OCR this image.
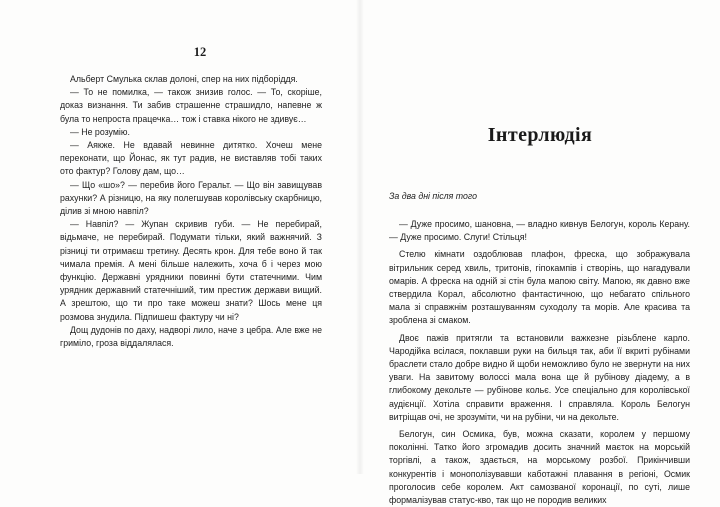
12

Альберт Смулька склав долоні, спер на них підборіддя.

— То не помилка, — також знизив голос. — То, скоріше, доказ визнання. Ти забив страшенне страшидло, напевне ж була то непроста працечка… тож і ставка нікого не здивує…

— Не розумію.

— Аякже. Не вдавай невинне дитятко. Хочеш мене переконати, що Йонас, як тут радив, не виставляв тобі таких ото фактур? Голову дам, що…

— Що «шо»? — перебив його Геральт. — Що він завищував рахунки? А різницю, на яку полегшував королівську скарбницю, ділив зі мною навпіл?

— Навпіл? — Жупан скривив губи. — Не перебирай, відьмаче, не перебирай. Подумати тільки, який важнячий. З різниці ти отримаєш третину. Десять крон. Для тебе воно й так чимала премія. А мені більше належить, хоча б і через мою функцію. Державні урядники повинні бути статечними. Чим урядник державний статечніший, тим престиж держави вищий. А зрештою, що ти про таке можеш знати? Шось мене ця розмова знудила. Підпишеш фактуру чи ні?

Дощ дудонів по даху, надворі лило, наче з цебра. Але вже не гриміло, гроза віддалялася.

Інтерлюдія
За два дні після того

— Дуже просимо, шановна, — владно кивнув Белогун, король Керану. — Дуже просимо. Слуги! Стільця!

Стелю кімнати оздоблював плафон, фреска, що зображувала вітрильник серед хвиль, тритонів, гіпокампів і створінь, що нагадували омарів. А фреска на одній зі стін була мапою світу. Мапою, як давно вже ствердила Корал, абсолютно фантастичною, що небагато спільного мала зі справжнім розташуванням суходолу та морів. Але красива та зроблена зі смаком.

Двоє пажів притягли та встановили важкезне різьблене карло. Чародійка всілася, поклавши руки на бильця так, аби її вкриті рубінами браслети стало добре видно й щоби неможливо було не звернути на них уваги. На завитому волоссі мала вона ще й рубінову діадему, а в глибокому декольте — рубінове кольє. Усе спеціально для королівської аудієнції. Хотіла справити враження. І справляла. Король Белогун витріщав очі, не зрозуміти, чи на рубіни, чи на декольте.

Белогун, син Осмика, був, можна сказати, королем у першому поколінні. Татко його згромадив досить значний маєток на морській торгівлі, а також, здається, на морському розбої. Прикінчивши конкурентів і монополізувавши каботажні плавання в регіоні, Осмик проголосив себе королем. Акт самозваної коронації, по суті, лише формалізував статус-кво, так що не породив великих
